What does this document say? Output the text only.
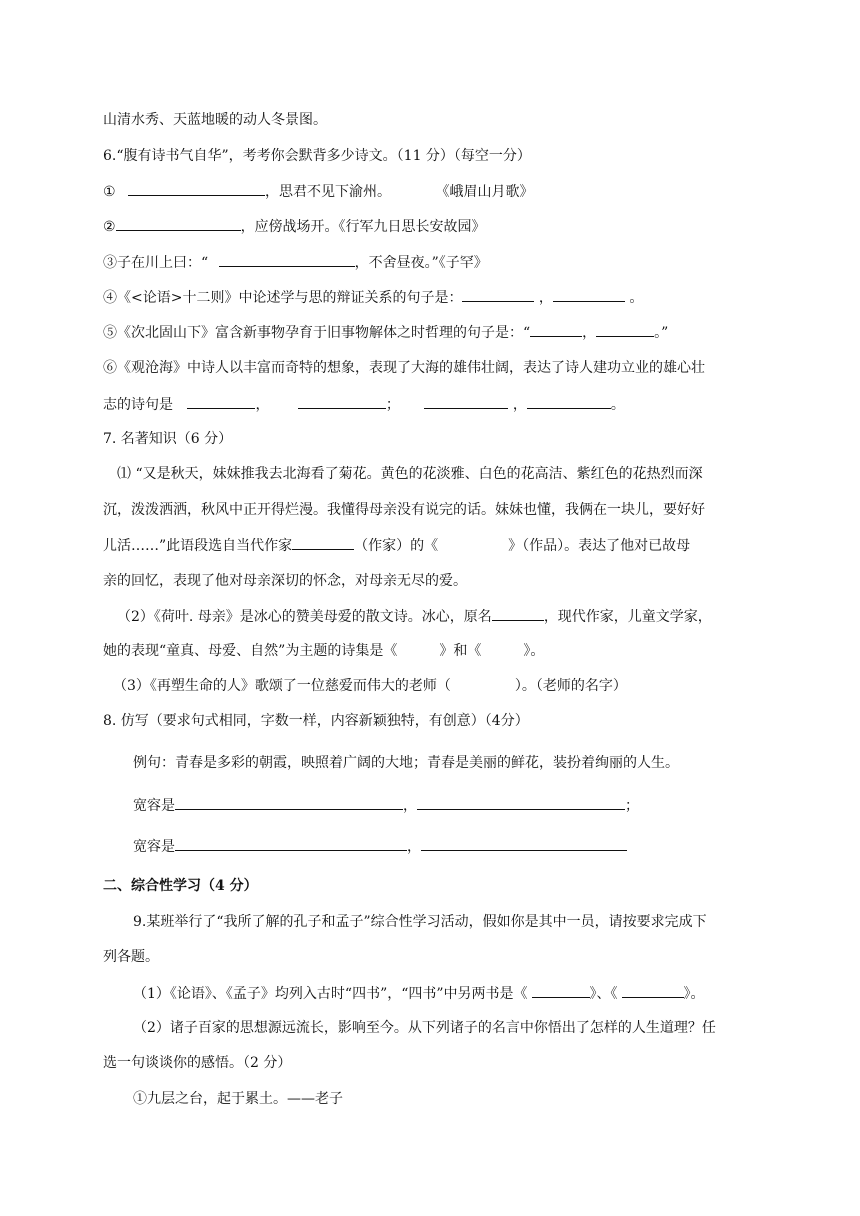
山清水秀、天蓝地暖的动人冬景图。
6.“腹有诗书气自华”，考考你会默背多少诗文。（11 分）（每空一分）
①	，思君不见下渝州。	《峨眉山月歌》
②	，应傍战场开。《行军九日思长安故园》
③子在川上曰：“	，不舍昼夜。”《子罕》
④《<论语>十二则》中论述学与思的辩证关系的句子是：	，	。
⑤《次北固山下》富含新事物孕育于旧事物解体之时哲理的句子是：“	，	。”
⑥《观沧海》中诗人以丰富而奇特的想象，表现了大海的雄伟壮阔，表达了诗人建功立业的雄心壮
志的诗句是	，	；	，	。
7. 名著知识（6 分）
⑴ “又是秋天，妹妹推我去北海看了菊花。黄色的花淡雅、白色的花高洁、紫红色的花热烈而深
沉，泼泼洒洒，秋风中正开得烂漫。我懂得母亲没有说完的话。妹妹也懂，我俩在一块儿，要好好
儿活……”此语段选自当代作家	（作家）的《	》（作品）。表达了他对已故母
亲的回忆，表现了他对母亲深切的怀念，对母亲无尽的爱。
（2）《荷叶. 母亲》是冰心的赞美母爱的散文诗。冰心，原名	，现代作家，儿童文学家，
她的表现“童真、母爱、自然”为主题的诗集是《	》和《	》。
（3）《再塑生命的人》歌颂了一位慈爱而伟大的老师（	）。（老师的名字）
8. 仿写（要求句式相同，字数一样，内容新颖独特，有创意）（4分）
例句：青春是多彩的朝霞，映照着广阔的大地；青春是美丽的鲜花，装扮着绚丽的人生。
宽容是	，	；
宽容是	，
二、综合性学习（4 分）
9.某班举行了“我所了解的孔子和孟子”综合性学习活动，假如你是其中一员，请按要求完成下
列各题。
（1）《论语》、《孟子》均列入古时“四书”，“四书”中另两书是《	》、《	》。
（2）诸子百家的思想源远流长，影响至今。从下列诸子的名言中你悟出了怎样的人生道理？任
选一句谈谈你的感悟。（2 分）
①九层之台，起于累土。——老子
